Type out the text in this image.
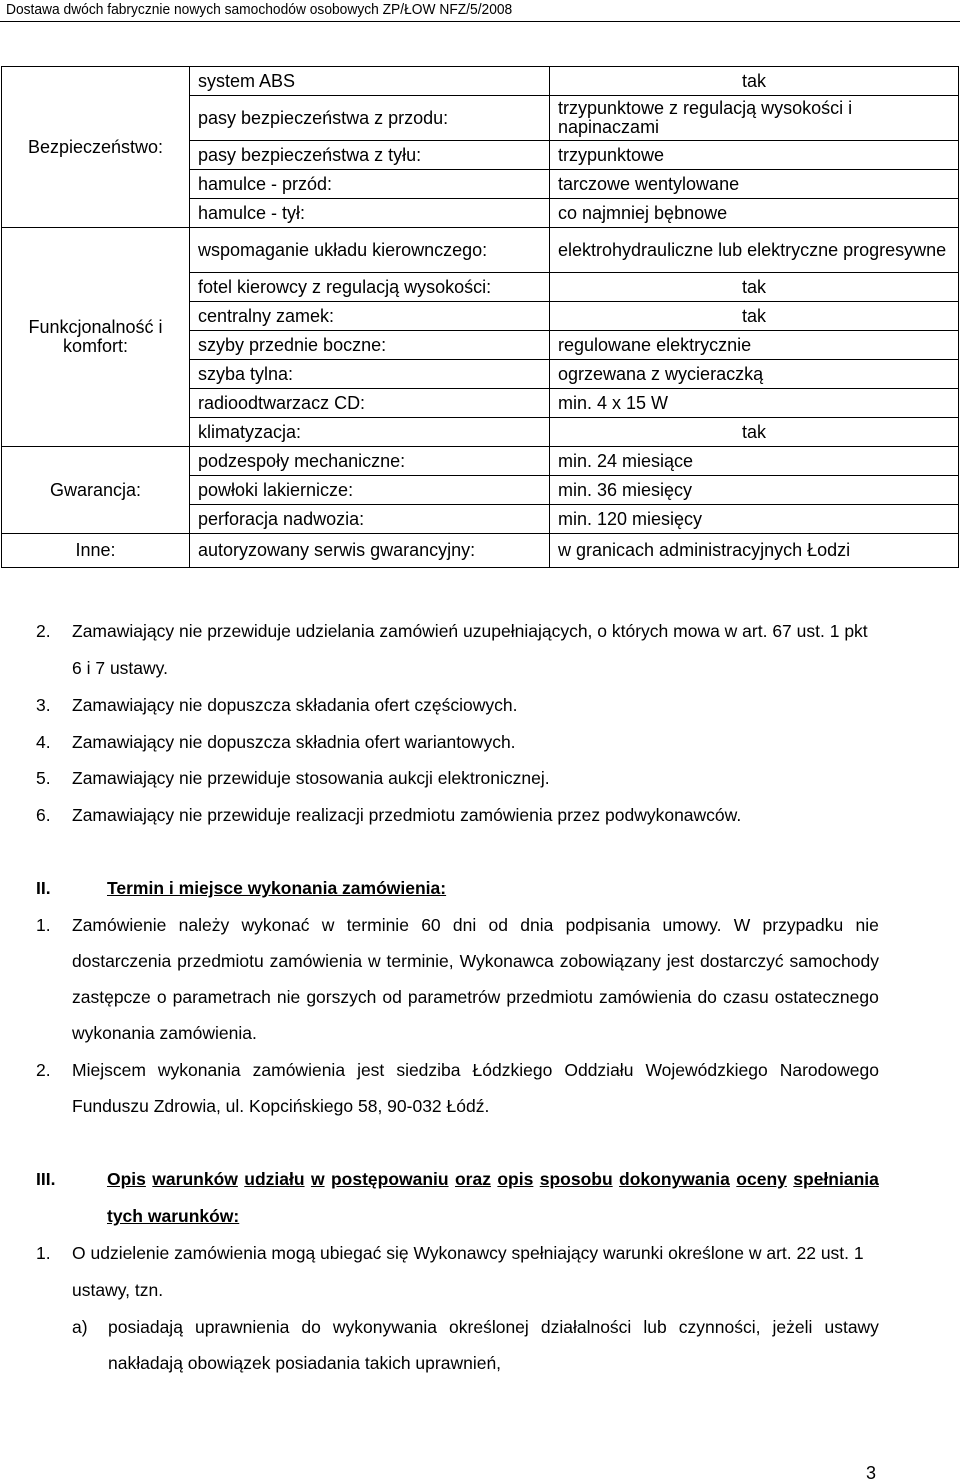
Dostawa dwóch fabrycznie nowych samochodów osobowych ZP/ŁOW NFZ/5/2008
Bezpieczeństwo:	system ABS	tak
	pasy bezpieczeństwa z przodu:	trzypunktowe z regulacją wysokości i napinaczami
	pasy bezpieczeństwa z tyłu:	trzypunktowe
	hamulce - przód:	tarczowe wentylowane
	hamulce - tył:	co najmniej bębnowe
Funkcjonalność i komfort:	wspomaganie układu kierownczego:	elektrohydrauliczne lub elektryczne progresywne
	fotel kierowcy z regulacją wysokości:	tak
	centralny zamek:	tak
	szyby przednie boczne:	regulowane elektrycznie
	szyba tylna:	ogrzewana z wycieraczką
	radioodtwarzacz CD:	min. 4 x 15 W
	klimatyzacja:	tak
Gwarancja:	podzespoły mechaniczne:	min. 24 miesiące
	powłoki lakiernicze:	min. 36 miesięcy
	perforacja nadwozia:	min. 120 miesięcy
Inne:	autoryzowany serwis gwarancyjny:	w granicach administracyjnych Łodzi
2. Zamawiający nie przewiduje udzielania zamówień uzupełniających, o których mowa w art. 67 ust. 1 pkt
6 i 7 ustawy.
3. Zamawiający nie dopuszcza składania ofert częściowych.
4. Zamawiający nie dopuszcza składnia ofert wariantowych.
5. Zamawiający nie przewiduje stosowania aukcji elektronicznej.
6. Zamawiający nie przewiduje realizacji przedmiotu zamówienia przez podwykonawców.
II.	Termin i miejsce wykonania zamówienia:
1. Zamówienie należy wykonać w terminie 60 dni od dnia podpisania umowy. W przypadku nie
dostarczenia przedmiotu zamówienia w terminie, Wykonawca zobowiązany jest dostarczyć samochody
zastępcze o parametrach nie gorszych od parametrów przedmiotu zamówienia do czasu ostatecznego
wykonania zamówienia.
2. Miejscem wykonania zamówienia jest siedziba Łódzkiego Oddziału Wojewódzkiego Narodowego
Funduszu Zdrowia, ul. Kopcińskiego 58, 90-032 Łódź.
III.	Opis warunków udziału w postępowaniu oraz opis sposobu dokonywania oceny spełniania
tych warunków:
1. O udzielenie zamówienia mogą ubiegać się Wykonawcy spełniający warunki określone w art. 22 ust. 1
ustawy, tzn.
a) posiadają uprawnienia do wykonywania określonej działalności lub czynności, jeżeli ustawy
nakładają obowiązek posiadania takich uprawnień,
3
